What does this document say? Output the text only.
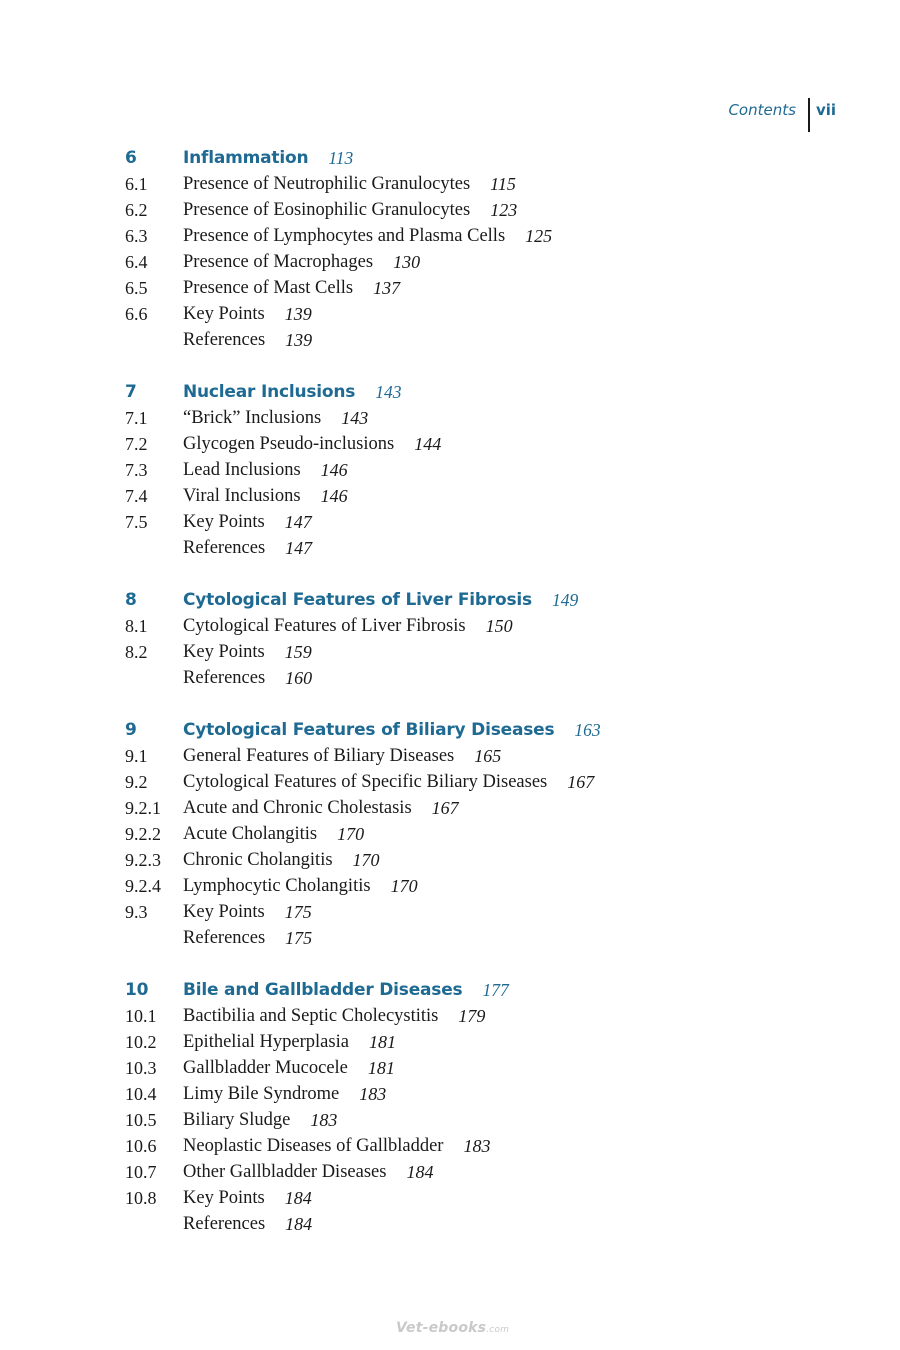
Contents	vii
6	Inflammation 113
6.1	Presence of Neutrophilic Granulocytes 115
6.2	Presence of Eosinophilic Granulocytes 123
6.3	Presence of Lymphocytes and Plasma Cells 125
6.4	Presence of Macrophages 130
6.5	Presence of Mast Cells 137
6.6	Key Points 139
References 139
7	Nuclear Inclusions 143
7.1	“Brick” Inclusions 143
7.2	Glycogen Pseudo-inclusions 144
7.3	Lead Inclusions 146
7.4	Viral Inclusions 146
7.5	Key Points 147
References 147
8	Cytological Features of Liver Fibrosis 149
8.1	Cytological Features of Liver Fibrosis 150
8.2	Key Points 159
References 160
9	Cytological Features of Biliary Diseases 163
9.1	General Features of Biliary Diseases 165
9.2	Cytological Features of Specific Biliary Diseases 167
9.2.1	Acute and Chronic Cholestasis 167
9.2.2	Acute Cholangitis 170
9.2.3	Chronic Cholangitis 170
9.2.4	Lymphocytic Cholangitis 170
9.3	Key Points 175
References 175
10	Bile and Gallbladder Diseases 177
10.1	Bactibilia and Septic Cholecystitis 179
10.2	Epithelial Hyperplasia 181
10.3	Gallbladder Mucocele 181
10.4	Limy Bile Syndrome 183
10.5	Biliary Sludge 183
10.6	Neoplastic Diseases of Gallbladder 183
10.7	Other Gallbladder Diseases 184
10.8	Key Points 184
References 184
Vet-ebooks.com
